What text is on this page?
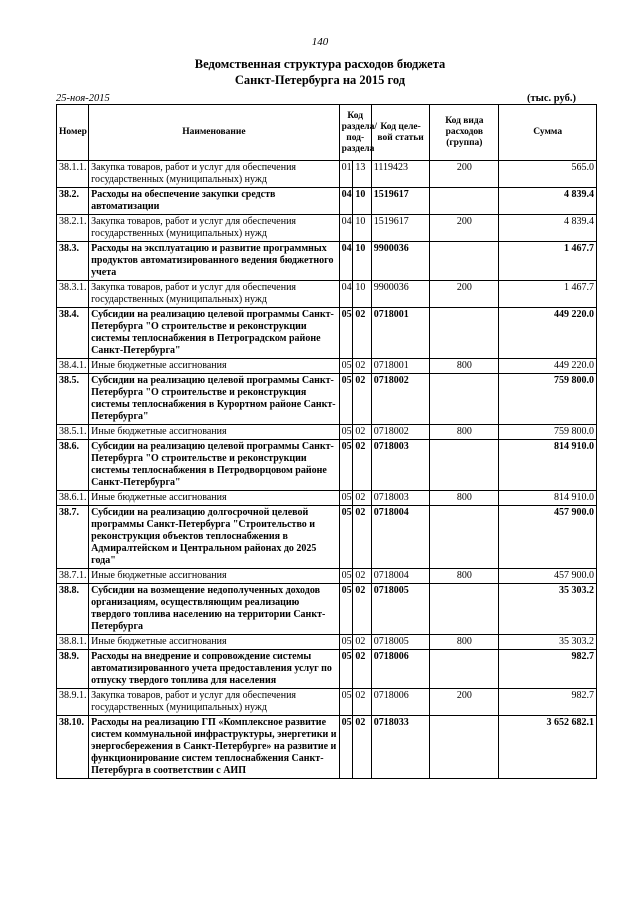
140
Ведомственная структура расходов бюджета
Санкт-Петербурга на 2015 год
25-ноя-2015	(тыс. руб.)
Номер	Наименование	Код раздела/ под- раздела		Код целе- вой статьи	Код вида расходов (группа)	Сумма
38.1.1.	Закупка товаров, работ и услуг для обеспечения государственных (муниципальных) нужд	01	13	1119423	200	565.0
38.2.	Расходы на обеспечение закупки средств автоматизации	04	10	1519617		4 839.4
38.2.1.	Закупка товаров, работ и услуг для обеспечения государственных (муниципальных) нужд	04	10	1519617	200	4 839.4
38.3.	Расходы на эксплуатацию и развитие программных продуктов автоматизированного ведения бюджетного учета	04	10	9900036		1 467.7
38.3.1.	Закупка товаров, работ и услуг для обеспечения государственных (муниципальных) нужд	04	10	9900036	200	1 467.7
38.4.	Субсидии на реализацию целевой программы Санкт-Петербурга "О строительстве и реконструкции системы теплоснабжения в Петроградском районе Санкт-Петербурга"	05	02	0718001		449 220.0
38.4.1.	Иные бюджетные ассигнования	05	02	0718001	800	449 220.0
38.5.	Субсидии на реализацию целевой программы Санкт-Петербурга "О строительстве и реконструкция системы теплоснабжения в Курортном районе Санкт-Петербурга"	05	02	0718002		759 800.0
38.5.1.	Иные бюджетные ассигнования	05	02	0718002	800	759 800.0
38.6.	Субсидии на реализацию целевой программы Санкт-Петербурга "О строительстве и реконструкции системы теплоснабжения в Петродворцовом районе Санкт-Петербурга"	05	02	0718003		814 910.0
38.6.1.	Иные бюджетные ассигнования	05	02	0718003	800	814 910.0
38.7.	Субсидии на реализацию долгосрочной целевой программы Санкт-Петербурга "Строительство и реконструкция объектов теплоснабжения в Адмиралтейском и Центральном районах до 2025 года"	05	02	0718004		457 900.0
38.7.1.	Иные бюджетные ассигнования	05	02	0718004	800	457 900.0
38.8.	Субсидии на возмещение недополученных доходов организациям, осуществляющим реализацию твердого топлива населению на территории Санкт-Петербурга	05	02	0718005		35 303.2
38.8.1.	Иные бюджетные ассигнования	05	02	0718005	800	35 303.2
38.9.	Расходы на внедрение и сопровождение системы автоматизированного учета предоставления услуг по отпуску твердого топлива для населения	05	02	0718006		982.7
38.9.1.	Закупка товаров, работ и услуг для обеспечения государственных (муниципальных) нужд	05	02	0718006	200	982.7
38.10.	Расходы на реализацию ГП «Комплексное развитие систем коммунальной инфраструктуры, энергетики и энергосбережения в Санкт-Петербурге» на развитие и функционирование систем теплоснабжения Санкт-Петербурга в соответствии с АИП	05	02	0718033		3 652 682.1
